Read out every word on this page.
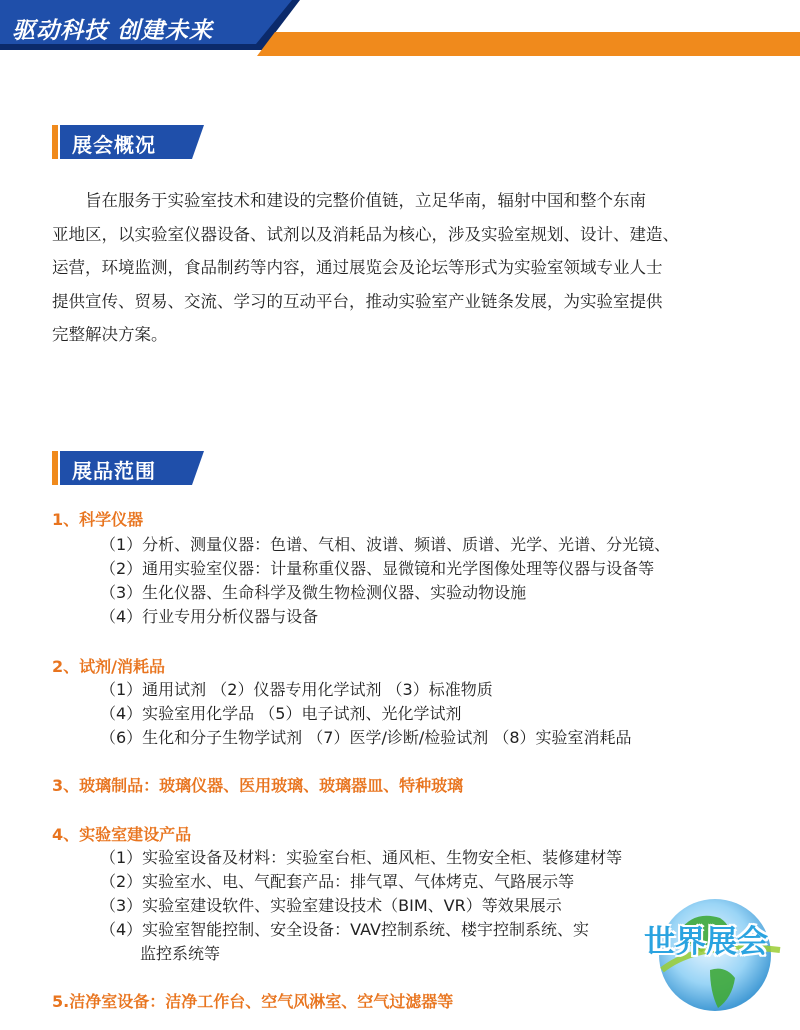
驱动科技 创建未来
展会概况
旨在服务于实验室技术和建设的完整价值链，立足华南，辐射中国和整个东南
亚地区，以实验室仪器设备、试剂以及消耗品为核心，涉及实验室规划、设计、建造、
运营，环境监测，食品制药等内容，通过展览会及论坛等形式为实验室领域专业人士
提供宣传、贸易、交流、学习的互动平台，推动实验室产业链条发展，为实验室提供
完整解决方案。
展品范围
1、科学仪器
（1）分析、测量仪器：色谱、气相、波谱、频谱、质谱、光学、光谱、分光镜、
（2）通用实验室仪器：计量称重仪器、显微镜和光学图像处理等仪器与设备等
（3）生化仪器、生命科学及微生物检测仪器、实验动物设施
（4）行业专用分析仪器与设备
2、试剂/消耗品
（1）通用试剂 （2）仪器专用化学试剂 （3）标准物质
（4）实验室用化学品 （5）电子试剂、光化学试剂
（6）生化和分子生物学试剂 （7）医学/诊断/检验试剂 （8）实验室消耗品
3、玻璃制品：玻璃仪器、医用玻璃、玻璃器皿、特种玻璃
4、实验室建设产品
（1）实验室设备及材料：实验室台柜、通风柜、生物安全柜、装修建材等
（2）实验室水、电、气配套产品：排气罩、气体烤克、气路展示等
（3）实验室建设软件、实验室建设技术（BIM、VR）等效果展示
（4）实验室智能控制、安全设备：VAV控制系统、楼宇控制系统、实
监控系统等
5.洁净室设备：洁净工作台、空气风淋室、空气过滤器等
世界展会
